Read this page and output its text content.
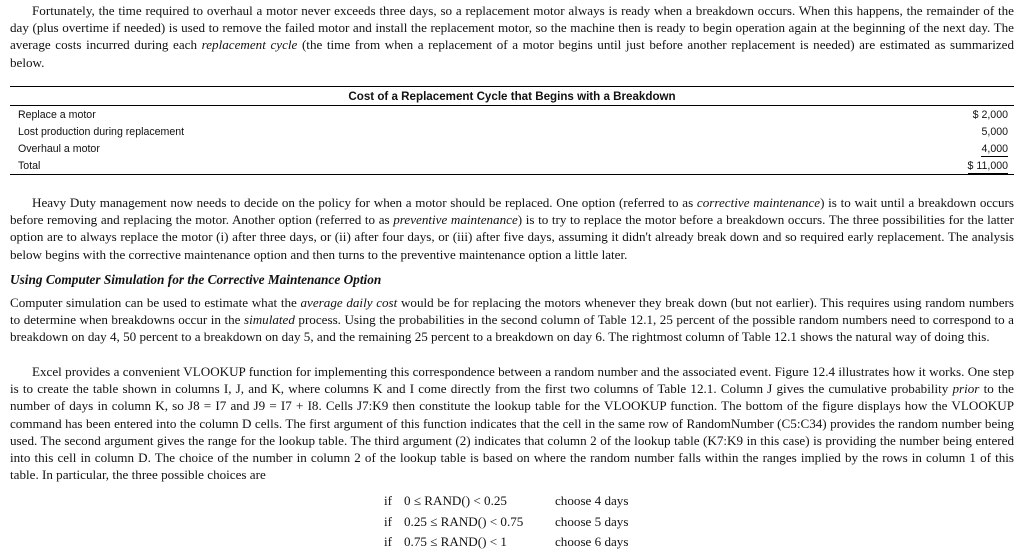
Fortunately, the time required to overhaul a motor never exceeds three days, so a replacement motor always is ready when a breakdown occurs. When this happens, the remainder of the day (plus overtime if needed) is used to remove the failed motor and install the replacement motor, so the machine then is ready to begin operation again at the beginning of the next day. The average costs incurred during each replacement cycle (the time from when a replacement of a motor begins until just before another replacement is needed) are estimated as summarized below.

Cost of a Replacement Cycle that Begins with a Breakdown	
Replace a motor	$ 2,000
Lost production during replacement	5,000
Overhaul a motor	4,000
Total	$ 11,000

Heavy Duty management now needs to decide on the policy for when a motor should be replaced. One option (referred to as corrective maintenance) is to wait until a breakdown occurs before removing and replacing the motor. Another option (referred to as preventive maintenance) is to try to replace the motor before a breakdown occurs. The three possibilities for the latter option are to always replace the motor (i) after three days, or (ii) after four days, or (iii) after five days, assuming it didn't already break down and so required early replacement. The analysis below begins with the corrective maintenance option and then turns to the preventive maintenance option a little later.

Using Computer Simulation for the Corrective Maintenance Option

Computer simulation can be used to estimate what the average daily cost would be for replacing the motors whenever they break down (but not earlier). This requires using random numbers to determine when breakdowns occur in the simulated process. Using the probabilities in the second column of Table 12.1, 25 percent of the possible random numbers need to correspond to a breakdown on day 4, 50 percent to a breakdown on day 5, and the remaining 25 percent to a breakdown on day 6. The rightmost column of Table 12.1 shows the natural way of doing this.

Excel provides a convenient VLOOKUP function for implementing this correspondence between a random number and the associated event. Figure 12.4 illustrates how it works. One step is to create the table shown in columns I, J, and K, where columns K and I come directly from the first two columns of Table 12.1. Column J gives the cumulative probability prior to the number of days in column K, so J8 = I7 and J9 = I7 + I8. Cells J7:K9 then constitute the lookup table for the VLOOKUP function. The bottom of the figure displays how the VLOOKUP command has been entered into the column D cells. The first argument of this function indicates that the cell in the same row of RandomNumber (C5:C34) provides the random number being used. The second argument gives the range for the lookup table. The third argument (2) indicates that column 2 of the lookup table (K7:K9 in this case) is providing the number being entered into this cell in column D. The choice of the number in column 2 of the lookup table is based on where the random number falls within the ranges implied by the rows in column 1 of this table. In particular, the three possible choices are

if	0 ≤ RAND() < 0.25	choose 4 days
if	0.25 ≤ RAND() < 0.75	choose 5 days
if	0.75 ≤ RAND() < 1	choose 6 days
